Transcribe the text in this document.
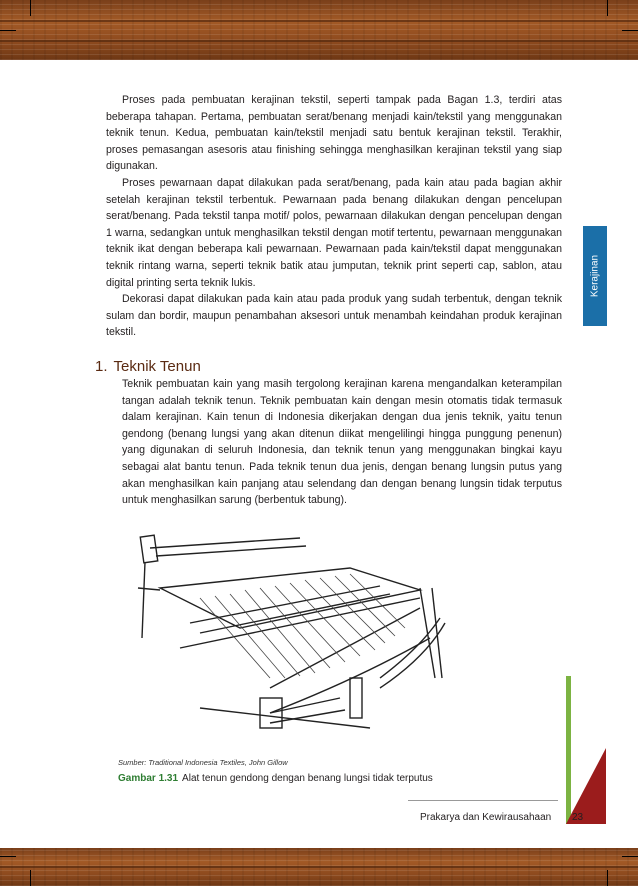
Proses pada pembuatan kerajinan tekstil, seperti tampak pada Bagan 1.3, terdiri atas beberapa tahapan. Pertama, pembuatan serat/benang menjadi kain/tekstil yang menggunakan teknik tenun. Kedua, pembuatan kain/tekstil menjadi satu bentuk kerajinan tekstil. Terakhir, proses pemasangan asesoris atau finishing sehingga menghasilkan kerajinan tekstil yang siap digunakan.

Proses pewarnaan dapat dilakukan pada serat/benang, pada kain atau pada bagian akhir setelah kerajinan tekstil terbentuk. Pewarnaan pada benang dilakukan dengan pencelupan serat/benang. Pada tekstil tanpa motif/ polos, pewarnaan dilakukan dengan pencelupan dengan 1 warna, sedangkan untuk menghasilkan tekstil dengan motif tertentu, pewarnaan menggunakan teknik ikat dengan beberapa kali pewarnaan. Pewarnaan pada kain/tekstil dapat menggunakan teknik rintang warna, seperti teknik batik atau jumputan, teknik print seperti cap, sablon, atau digital printing serta teknik lukis.

Dekorasi dapat dilakukan pada kain atau pada produk yang sudah terbentuk, dengan teknik sulam dan bordir, maupun penambahan aksesori untuk menambah keindahan produk kerajinan tekstil.

Kerajinan
1. Teknik Tenun
Teknik pembuatan kain yang masih tergolong kerajinan karena mengandalkan keterampilan tangan adalah teknik tenun. Teknik pembuatan kain dengan mesin otomatis tidak termasuk dalam kerajinan. Kain tenun di Indonesia dikerjakan dengan dua jenis teknik, yaitu tenun gendong (benang lungsi yang akan ditenun diikat mengelilingi hingga punggung penenun) yang digunakan di seluruh Indonesia, dan teknik tenun yang menggunakan bingkai kayu sebagai alat bantu tenun. Pada teknik tenun dua jenis, dengan benang lungsin putus yang akan menghasilkan kain panjang atau selendang dan dengan benang lungsin tidak terputus untuk menghasilkan sarung (berbentuk tabung).
Sumber: Traditional Indonesia Textiles, John Gillow
Gambar 1.31 Alat tenun gendong dengan benang lungsi tidak terputus
Prakarya dan Kewirausahaan 23
